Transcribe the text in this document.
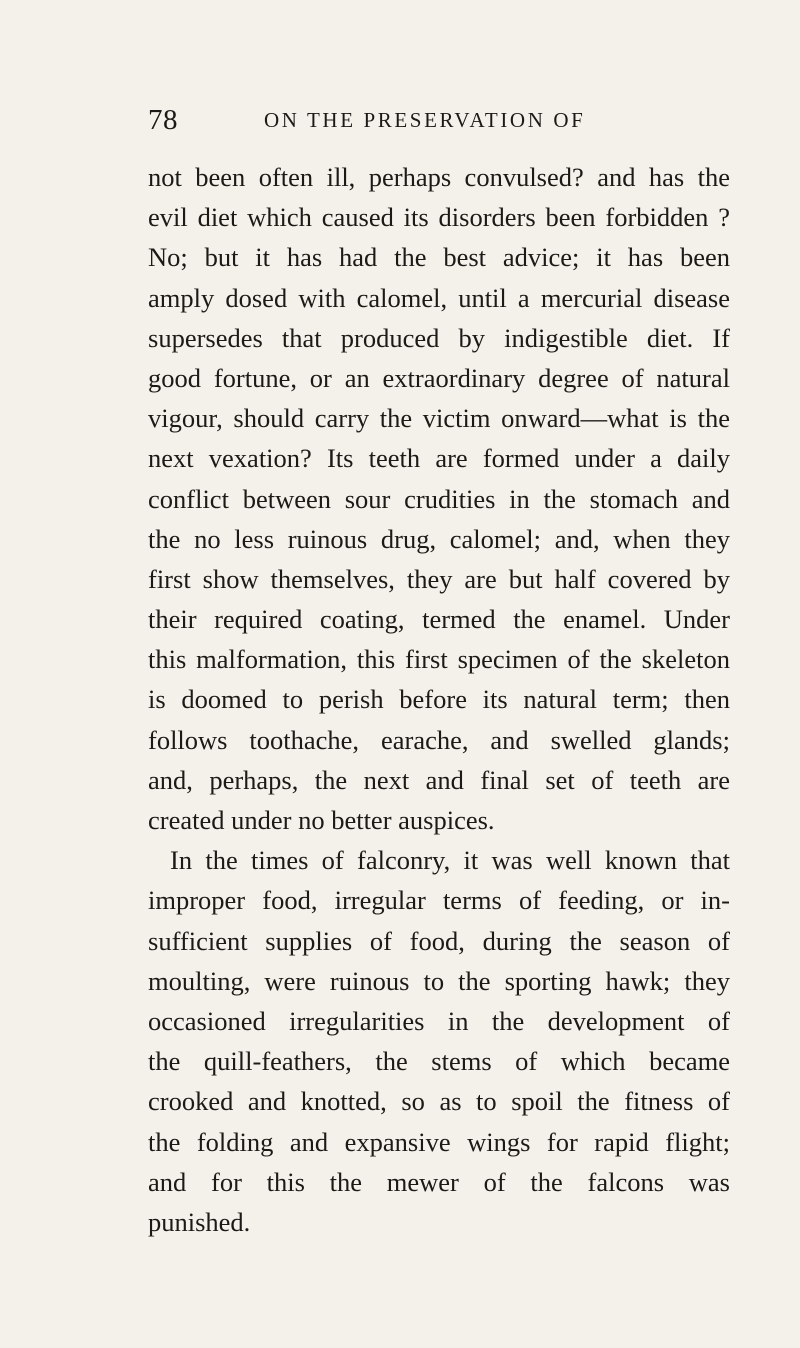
78	ON THE PRESERVATION OF
not been often ill, perhaps convulsed? and has the
evil diet which caused its disorders been forbidden ?
No; but it has had the best advice; it has been
amply dosed with calomel, until a mercurial disease
supersedes that produced by indigestible diet. If
good fortune, or an extraordinary degree of natural
vigour, should carry the victim onward—what is the
next vexation? Its teeth are formed under a daily
conflict between sour crudities in the stomach and
the no less ruinous drug, calomel; and, when they
first show themselves, they are but half covered by
their required coating, termed the enamel. Under
this malformation, this first specimen of the skeleton
is doomed to perish before its natural term; then
follows toothache, earache, and swelled glands;
and, perhaps, the next and final set of teeth are
created under no better auspices.
In the times of falconry, it was well known that
improper food, irregular terms of feeding, or in-
sufficient supplies of food, during the season of
moulting, were ruinous to the sporting hawk; they
occasioned irregularities in the development of
the quill-feathers, the stems of which became
crooked and knotted, so as to spoil the fitness of
the folding and expansive wings for rapid flight;
and for this the mewer of the falcons was
punished.
